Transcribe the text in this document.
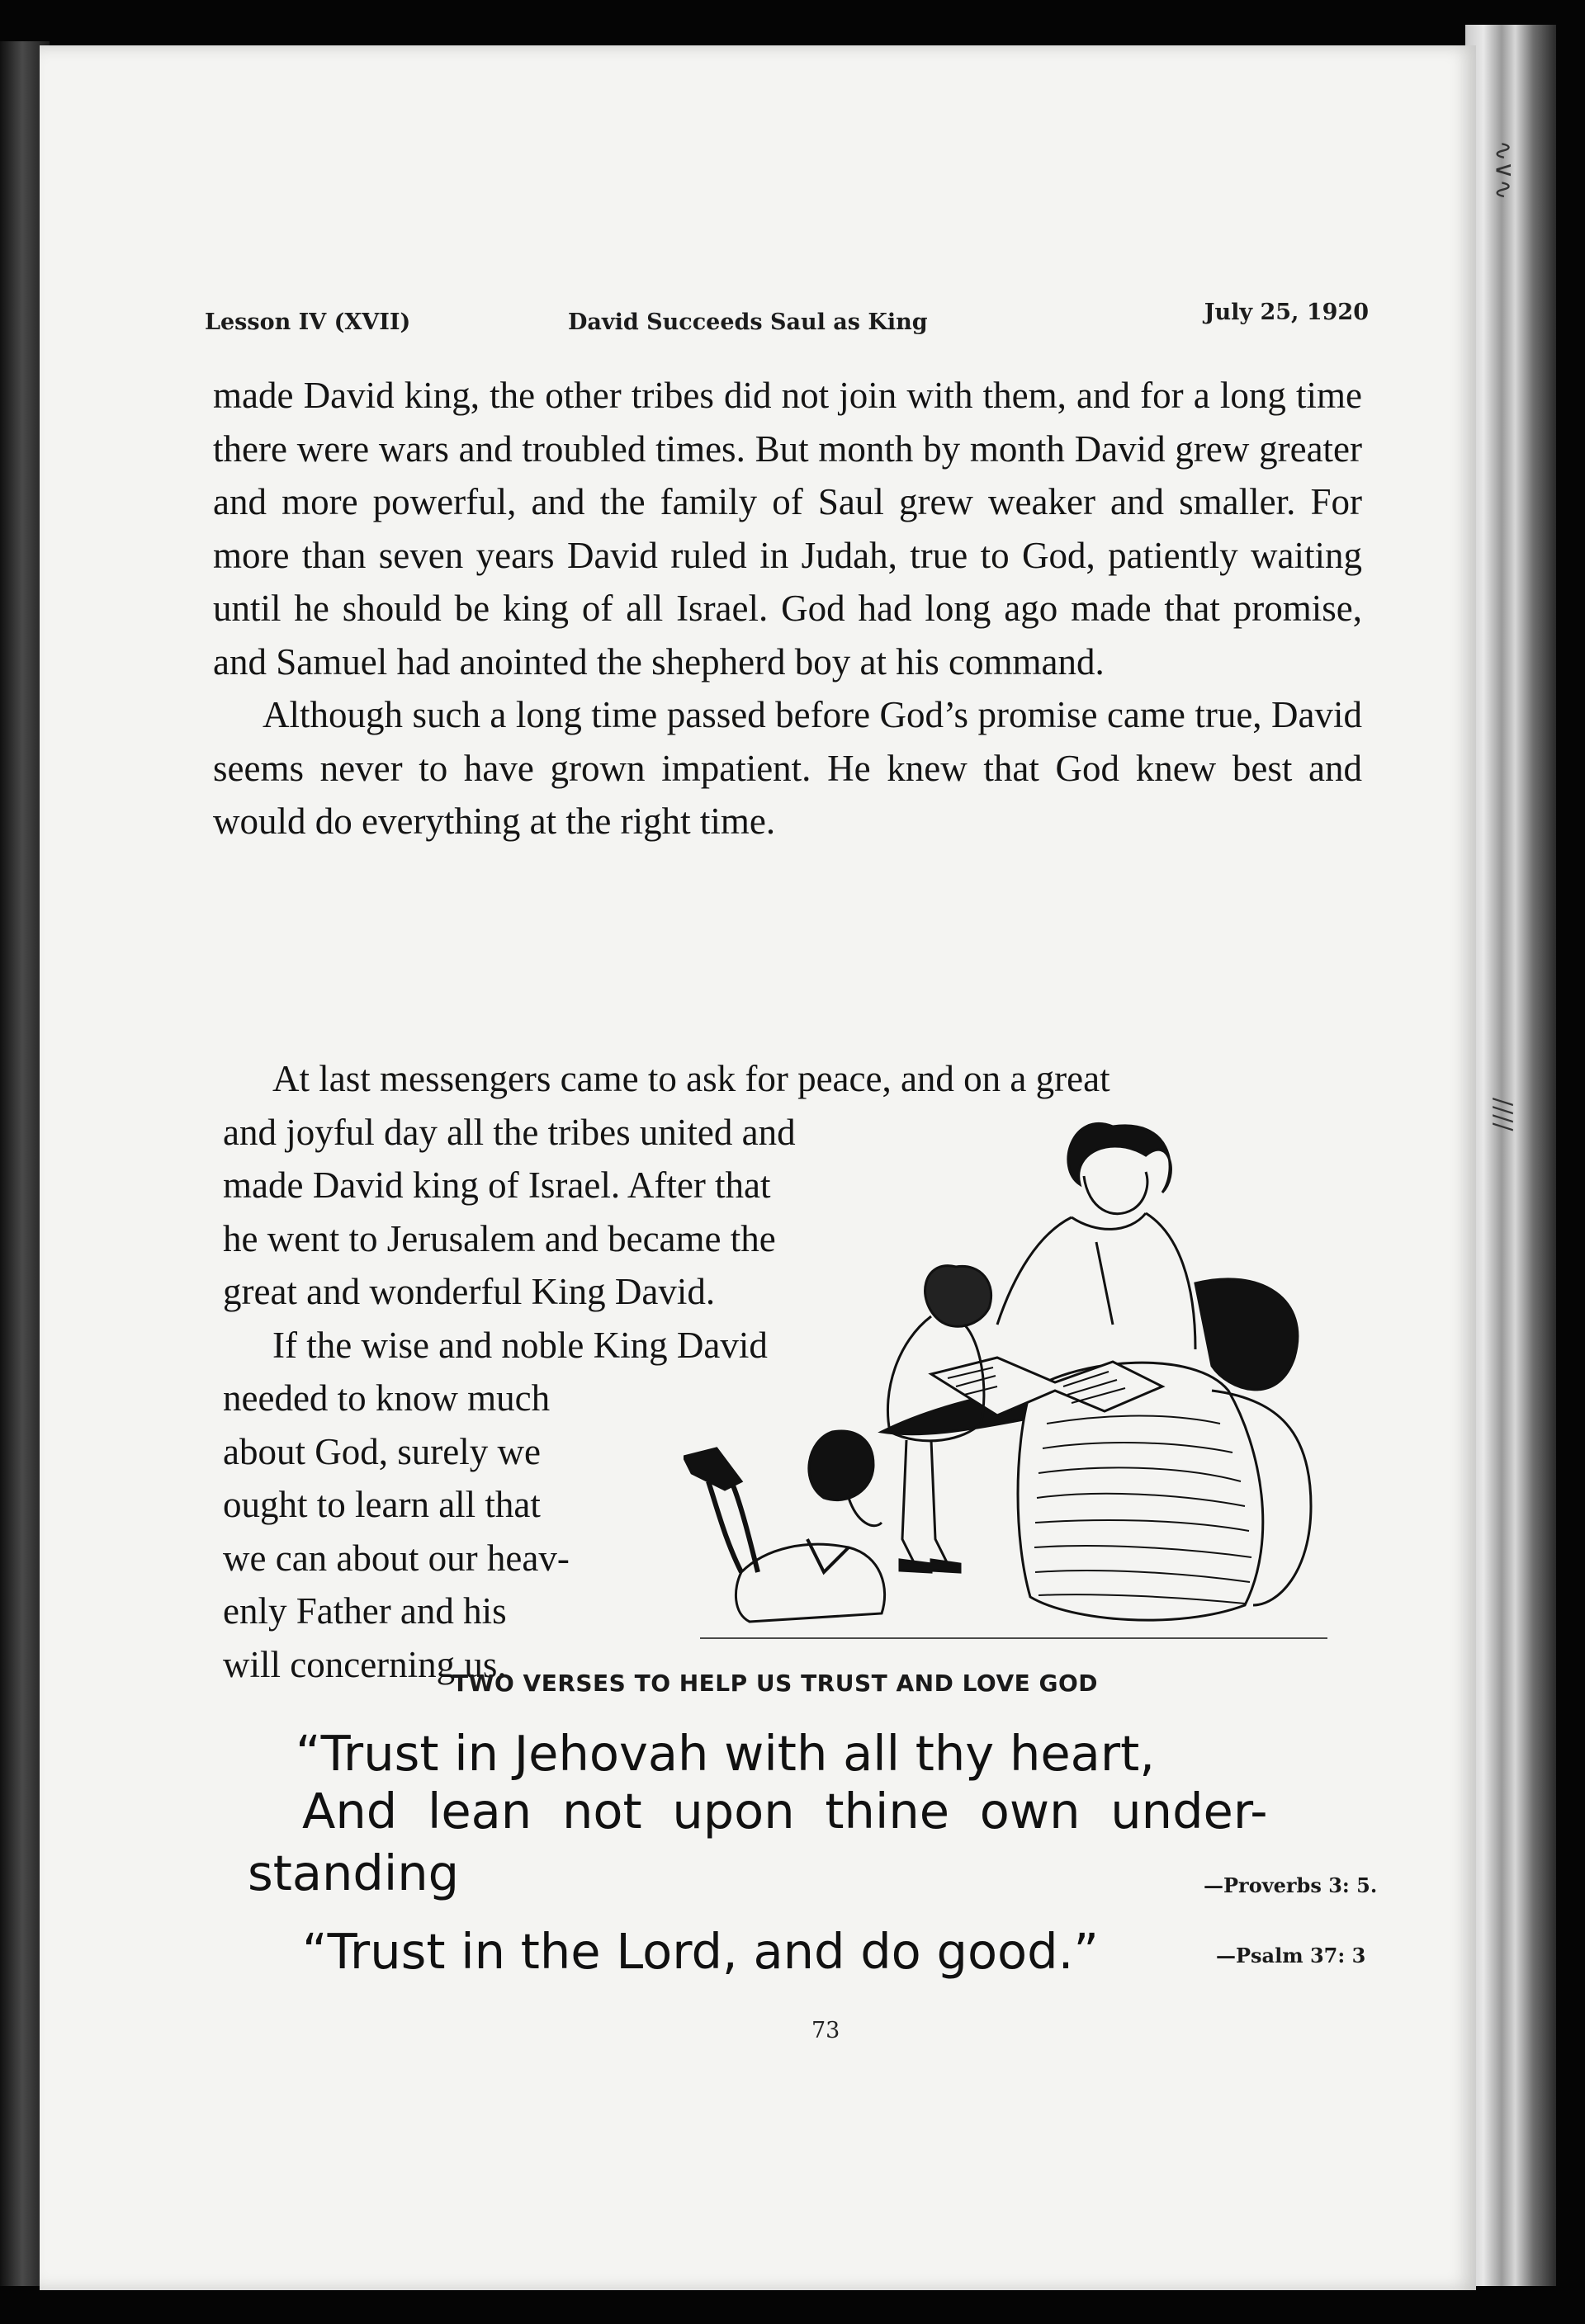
∿∧∿
∕∕∕∕
Lesson IV (XVII)	David Succeeds Saul as King	July 25, 1920

made David king, the other tribes did not join with them, and for a long time there were wars and troubled times. But month by month David grew greater and more powerful, and the family of Saul grew weaker and smaller. For more than seven years David ruled in Judah, true to God, patiently waiting until he should be king of all Israel. God had long ago made that promise, and Samuel had anointed the shepherd boy at his command.

Although such a long time passed before God’s promise came true, David seems never to have grown impatient. He knew that God knew best and would do everything at the right time.

At last messengers came to ask for peace, and on a great
and joyful day all the tribes united and
made David king of Israel. After that
he went to Jerusalem and became the
great and wonderful King David.
If the wise and noble King David
needed to know much
about God, surely we
ought to learn all that
we can about our heav-
enly Father and his
will concerning us.
TWO VERSES TO HELP US TRUST AND LOVE GOD
“Trust in Jehovah with all thy heart,
And lean not upon thine own under-
standing	—Proverbs 3: 5.
“Trust in the Lord, and do good.”	—Psalm 37: 3
73
